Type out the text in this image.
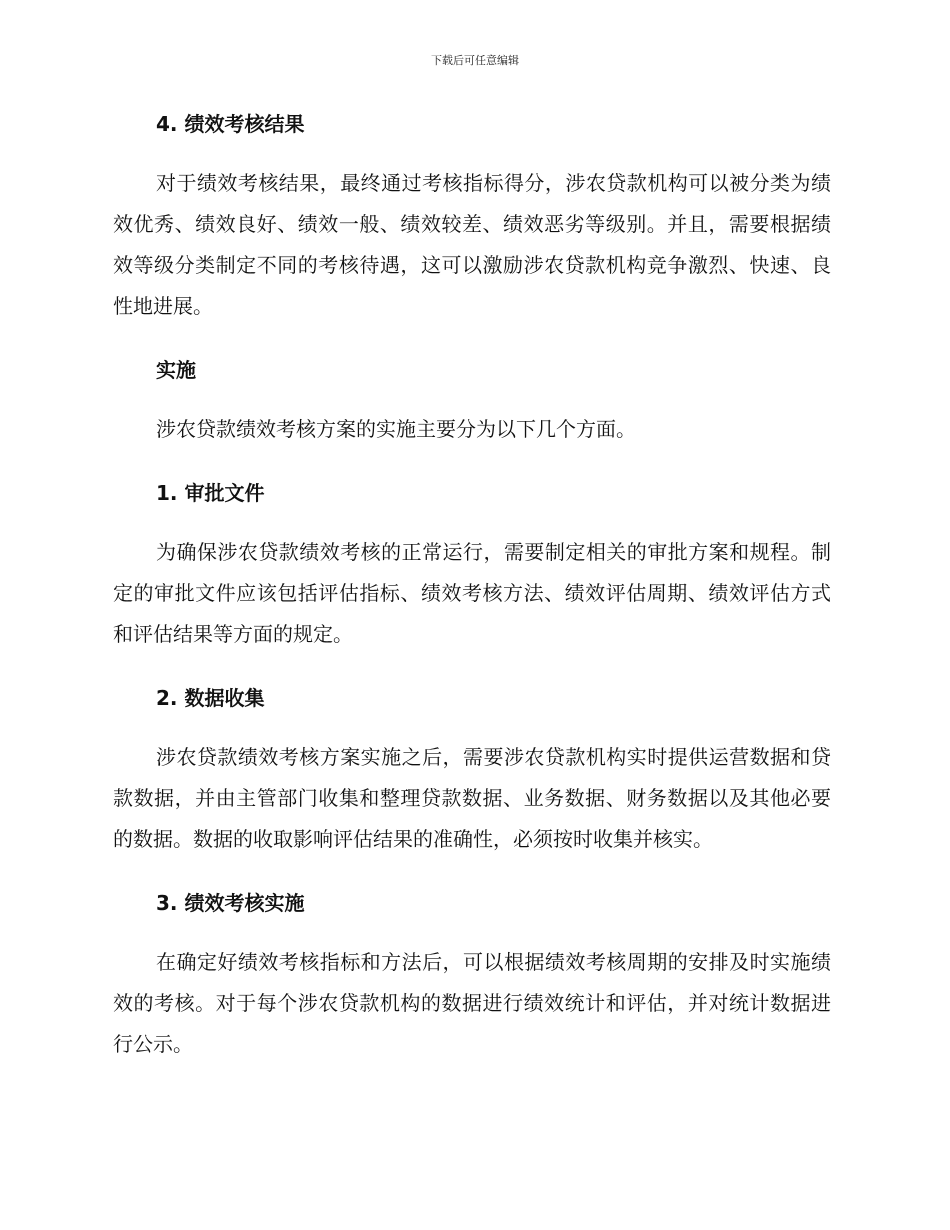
下载后可任意编辑
4. 绩效考核结果

对于绩效考核结果，最终通过考核指标得分，涉农贷款机构可以被分类为绩效优秀、绩效良好、绩效一般、绩效较差、绩效恶劣等级别。并且，需要根据绩效等级分类制定不同的考核待遇，这可以激励涉农贷款机构竞争激烈、快速、良性地进展。

实施

涉农贷款绩效考核方案的实施主要分为以下几个方面。

1. 审批文件

为确保涉农贷款绩效考核的正常运行，需要制定相关的审批方案和规程。制定的审批文件应该包括评估指标、绩效考核方法、绩效评估周期、绩效评估方式和评估结果等方面的规定。

2. 数据收集

涉农贷款绩效考核方案实施之后，需要涉农贷款机构实时提供运营数据和贷款数据，并由主管部门收集和整理贷款数据、业务数据、财务数据以及其他必要的数据。数据的收取影响评估结果的准确性，必须按时收集并核实。

3. 绩效考核实施

在确定好绩效考核指标和方法后，可以根据绩效考核周期的安排及时实施绩效的考核。对于每个涉农贷款机构的数据进行绩效统计和评估，并对统计数据进行公示。
